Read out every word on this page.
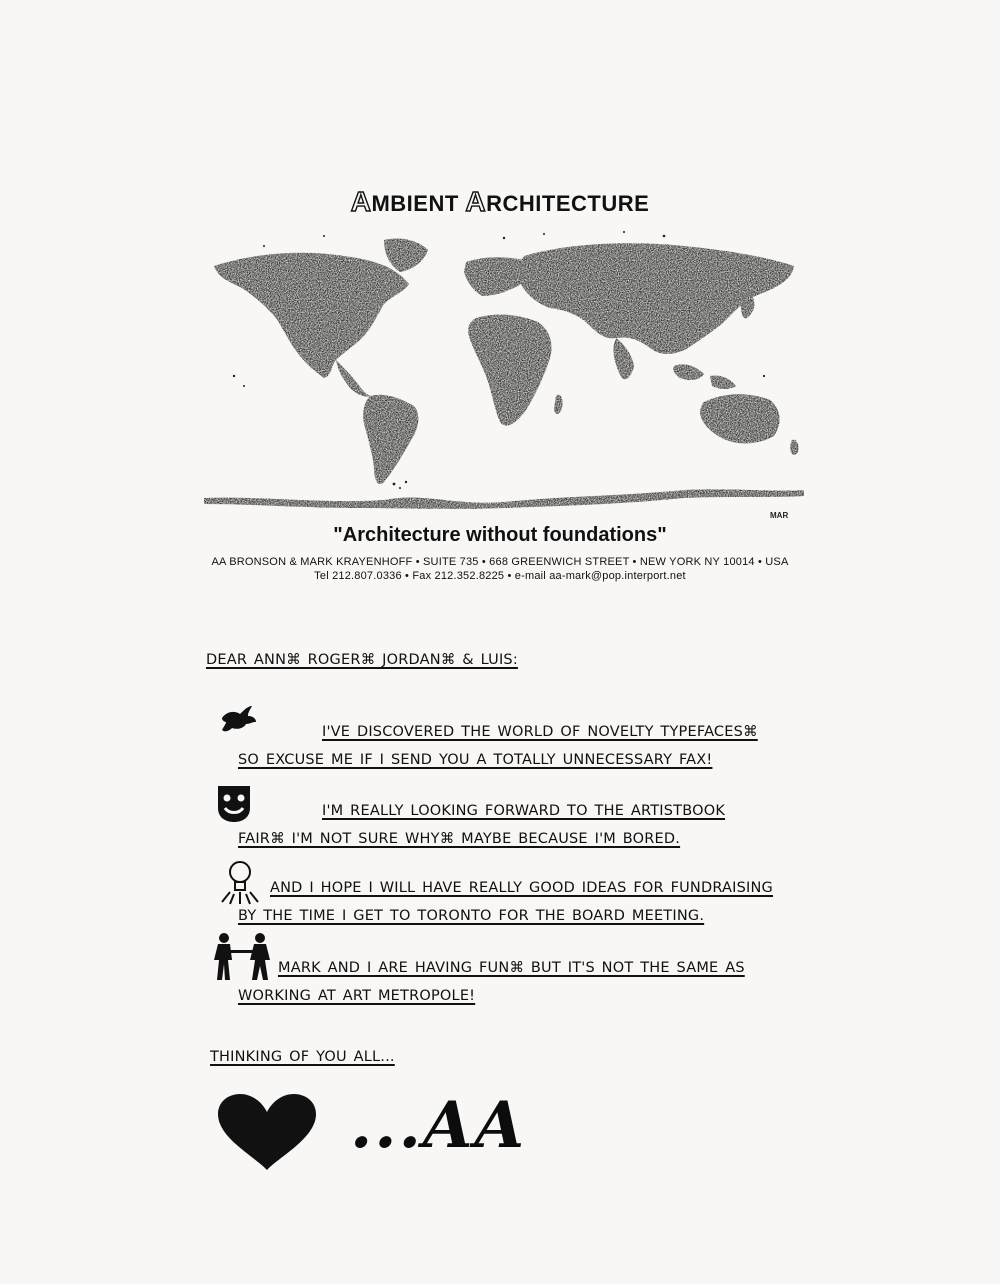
AMBIENT ARCHITECTURE
MAR
"Architecture without foundations"
AA BRONSON & MARK KRAYENHOFF • SUITE 735 • 668 GREENWICH STREET • NEW YORK NY 10014 • USA
Tel 212.807.0336 • Fax 212.352.8225 • e-mail aa-mark@pop.interport.net
DEAR ANN⌘ ROGER⌘ JORDAN⌘ & LUIS:
I'VE DISCOVERED THE WORLD OF NOVELTY TYPEFACES⌘
SO EXCUSE ME IF I SEND YOU A TOTALLY UNNECESSARY FAX!
I'M REALLY LOOKING FORWARD TO THE ARTISTBOOK
FAIR⌘ I'M NOT SURE WHY⌘ MAYBE BECAUSE I'M BORED.
AND I HOPE I WILL HAVE REALLY GOOD IDEAS FOR FUNDRAISING
BY THE TIME I GET TO TORONTO FOR THE BOARD MEETING.
MARK AND I ARE HAVING FUN⌘ BUT IT'S NOT THE SAME AS
WORKING AT ART METROPOLE!
THINKING OF YOU ALL...
...AA
